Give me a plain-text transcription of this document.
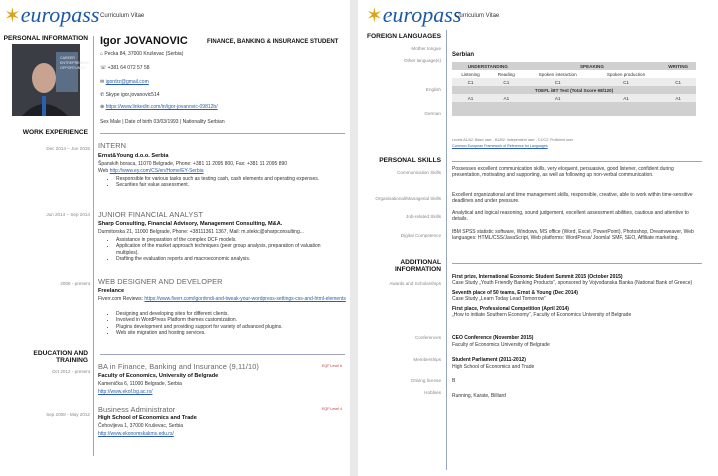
✶ europass Curriculum Vitae
PERSONAL INFORMATION Igor JOVANOVIC	FINANCE, BANKING & INSURANCE STUDENT
CAREER ENTREPRENEUR OPPORTUNITY
⌂ Pecka 84, 37000 Kruševac (Serbia)
☏ +381 64 072 57 58
✉ igordrz@gmail.com
✆ Skype igor.jovanovic514
⊕ https://www.linkedin.com/in/igor-jovanovic-09812b/
Sex Male | Date of birth 03/03/1993 | Nationality Serbian
WORK EXPERIENCE
Dec 2014 – Jun 2015 INTERN
Ernst&Young d.o.o. Serbia
Španskih boraca, 11070 Belgrade, Phone: +381 11 2095 800, Fax: +381 11 2095 890
Web http://www.ey.com/CS/en/Home/EY-Serbia
• Responsible for various tasks such as testing cash, cash elements and operating expenses.
• Securities fair value assessment.
Jun 2014 – Sep 2014 JUNIOR FINANCIAL ANALYST
Sharp Consulting, Financial Advisory, Management Consulting, M&A.
Durmitorska 21, 11000 Belgrade, Phone: +38111361 1367, Mail: m.stekic@sharpconsulting...
• Assistance in preparation of the complex DCF models.
• Application of the market approach techniques (peer group analysis, preparation of valuation multiples).
• Drafting the evaluation reports and macroeconomic analysis.
2006 - present WEB DESIGNER AND DEVELOPER
Freelance
Fiverr.com Reviews: https://www.fiverr.com/igordrndi-and-tweak-your-wordpress-settings-css-and-html-elements
• Designing and developing sites for different clients.
• Involved in WordPress Platform themes customization.
• Plugins development and providing support for variety of advanced plugins.
• Web site migration and hosting services.
EDUCATION AND TRAINING
Oct 2012 - present
BA in Finance, Banking and Insurance (9,11/10)	EQF Level 6
Faculty of Economics, University of Belgrade
Kamenička 6, 11000 Belgrade, Serbia
http://www.ekof.bg.ac.rs/
Sep 2008 - May 2012
Business Administrator	EQF Level 4
High School of Economics and Trade
Čehovljeva 1, 37000 Kruševac, Serbia
http://www.ekonomskakms.edu.rs/
✶ europass
Curriculum Vitae
FOREIGN LANGUAGES
Mother tongue
Other language(s)
Serbian
UNDERSTANDING		SPEAKING		WRITING
Listening	Reading	Spoken interaction	Spoken production	
C1	C1	C1	C1	C1
TOEFL iBT Test (Total Score 98/120)				
A1	A1	A1	A1	A1

English
German
Levels A1/A2: Basic user - B1/B2: Independent user - C1/C2: Proficient user
Common European Framework of Reference for Languages
PERSONAL SKILLS
Communication Skills
Possesses excellent communication skills, very eloquent, persuasive, good listener, confident during presentation, motivating and supporting, as well as following up non-verbal communication.
Organisational/Managerial Skills
Excellent organizational and time management skills, responsible, creative, able to work within time-sensitive deadlines and under pressure.
Job-related Skills
Analytical and logical reasoning, sound judgement, excellent assessment abilities, cautious and attentive to details.
Digital Competence
IBM SPSS statistic software, Windows, MS office (Word, Excel, PowerPoint), Photoshop, Dreamweaver, Web languages: HTML/CSS/JavaScript, Web platforms: WordPress/ Joomla! SMF, SEO, Affiliate marketing.
ADDITIONAL INFORMATION
Awards and Scholarships
First prize, International Economic Student Summit 2015 (October 2015)
Case Study „Youth Friendly Banking Products“, sponsored by Vojvođanska Banka (National Bank of Greece)
Seventh place of 50 teams, Ernst & Young (Dec 2014)
Case Study „Learn Today Lead Tomorrow“
First place, Professional Competition (April 2014)
„How to initiate Southern Economy“, Faculty of Economics University of Belgrade
Conferences CEO Conference (November 2015)
Faculty of Economics University of Belgrade
Memberships Student Parliament (2011-2012)
High School of Economics and Trade
Driving license B
Hobbies
Running, Karate, Billiard
